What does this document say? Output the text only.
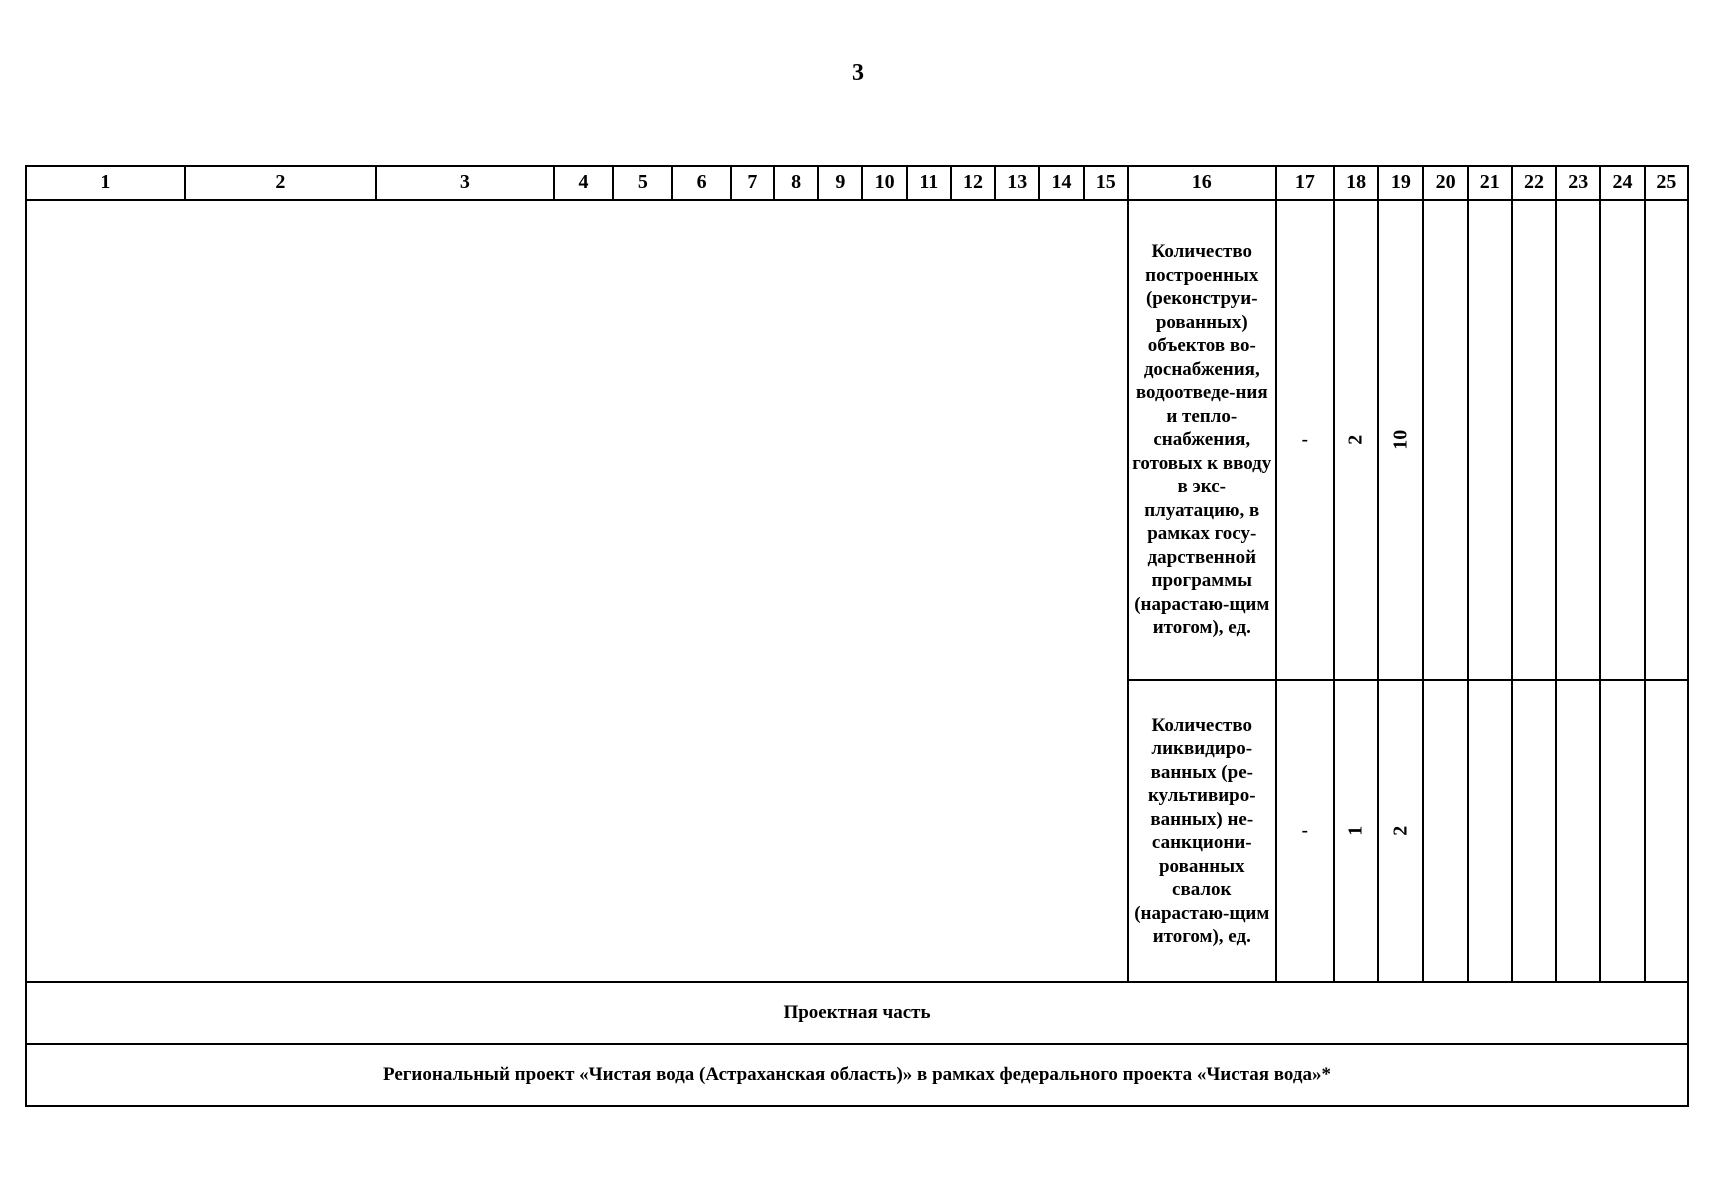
3
1	2	3	4	5	6	7	8	9	10	11	12	13	14	15	16	17	18	19	20	21	22	23	24	25
															Количество построенных (реконструи-рованных) объектов во-доснабжения, водоотведе-ния и тепло-снабжения, готовых к вводу в экс-плуатацию, в рамках госу-дарственной программы (нарастаю-щим итогом), ед.	-	2	10						
															Количество ликвидиро-ванных (ре-культивиро-ванных) не-санкциони-рованных свалок (нарастаю-щим итогом), ед.	-	1	2						
Проектная часть																								
Региональный проект «Чистая вода (Астраханская область)» в рамках федерального проекта «Чистая вода»*																								
